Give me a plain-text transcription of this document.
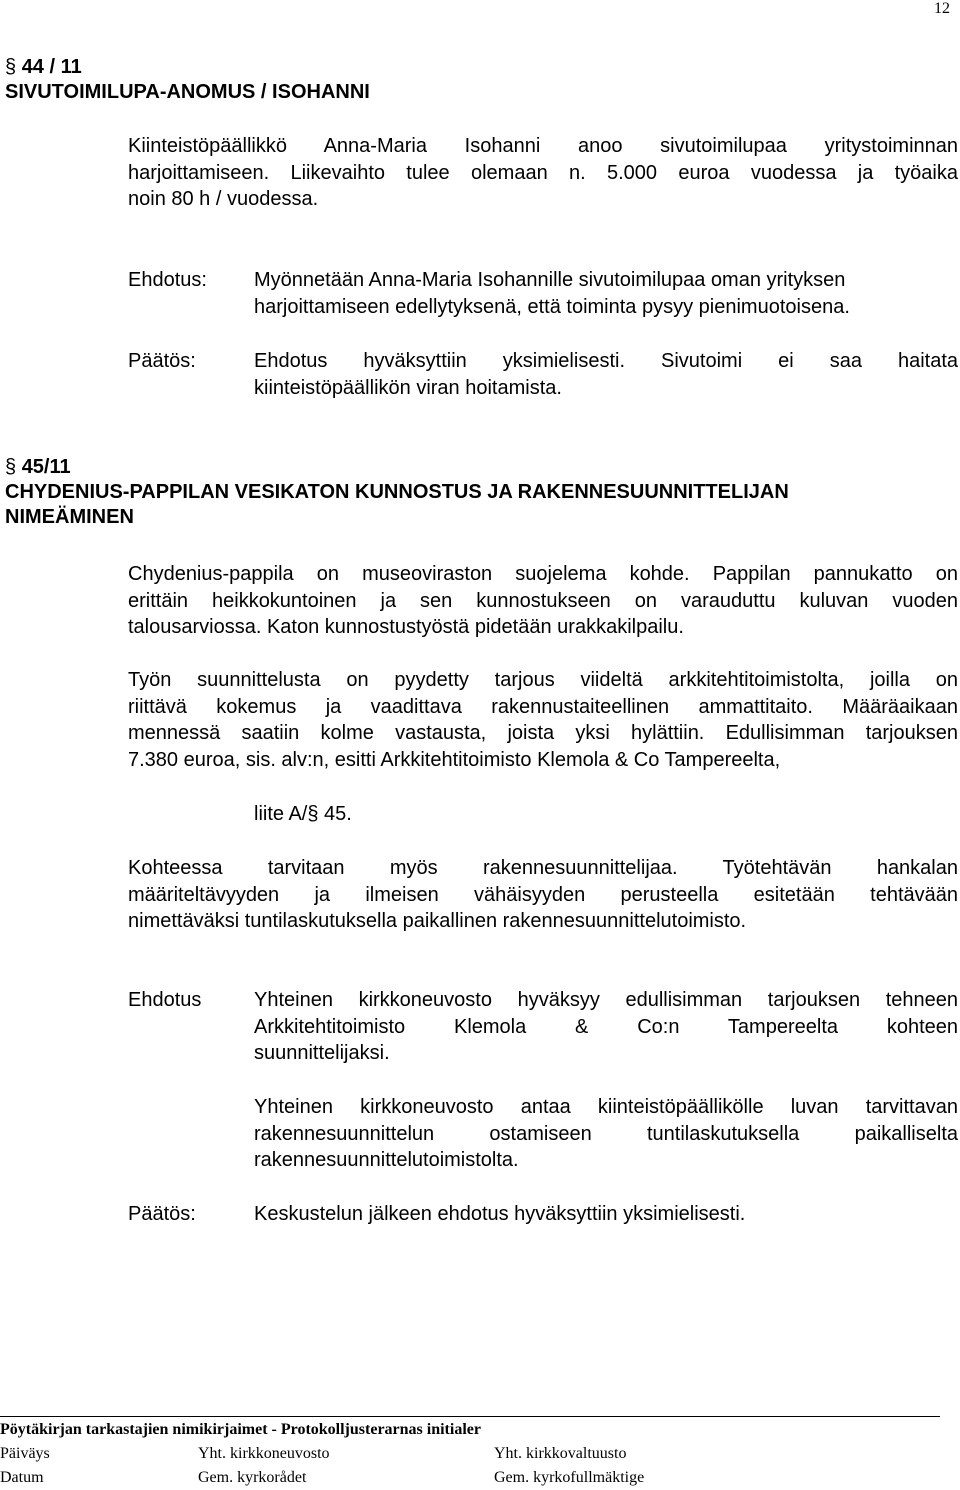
12

§ 44 / 11

SIVUTOIMILUPA-ANOMUS / ISOHANNI

Kiinteistöpäällikkö Anna-Maria Isohanni anoo sivutoimilupaa yritystoiminnan

harjoittamiseen. Liikevaihto tulee olemaan n. 5.000 euroa vuodessa ja työaika

noin 80 h / vuodessa.

Ehdotus: Myönnetään Anna-Maria Isohannille sivutoimilupaa oman yrityksen

harjoittamiseen edellytyksenä, että toiminta pysyy pienimuotoisena.

Päätös:	Ehdotus hyväksyttiin yksimielisesti. Sivutoimi ei saa haitata

kiinteistöpäällikön viran hoitamista.

§ 45/11

CHYDENIUS-PAPPILAN VESIKATON KUNNOSTUS JA RAKENNESUUNNITTELIJAN

NIMEÄMINEN

Chydenius-pappila on museoviraston suojelema kohde. Pappilan pannukatto on

erittäin heikkokuntoinen ja sen kunnostukseen on varauduttu kuluvan vuoden

talousarviossa. Katon kunnostustyöstä pidetään urakkakilpailu.

Työn suunnittelusta on pyydetty tarjous viideltä arkkitehtitoimistolta, joilla on

riittävä kokemus ja vaadittava rakennustaiteellinen ammattitaito. Määräaikaan

mennessä saatiin kolme vastausta, joista yksi hylättiin. Edullisimman tarjouksen

7.380 euroa, sis. alv:n, esitti Arkkitehtitoimisto Klemola & Co Tampereelta,

liite A/§ 45.

Kohteessa tarvitaan myös rakennesuunnittelijaa. Työtehtävän hankalan

määriteltävyyden ja ilmeisen vähäisyyden perusteella esitetään tehtävään

nimettäväksi tuntilaskutuksella paikallinen rakennesuunnittelutoimisto.

Ehdotus	Yhteinen kirkkoneuvosto hyväksyy edullisimman tarjouksen tehneen

Arkkitehtitoimisto Klemola & Co:n Tampereelta kohteen

suunnittelijaksi.

Yhteinen kirkkoneuvosto antaa kiinteistöpäällikölle luvan tarvittavan

rakennesuunnittelun ostamiseen tuntilaskutuksella paikalliselta

rakennesuunnittelutoimistolta.

Päätös:	Keskustelun jälkeen ehdotus hyväksyttiin yksimielisesti.
Pöytäkirjan tarkastajien nimikirjaimet - Protokolljusterarnas initialer
Päiväys	Yht. kirkkoneuvosto	Yht. kirkkovaltuusto
Datum	Gem. kyrkorådet	Gem. kyrkofullmäktige
